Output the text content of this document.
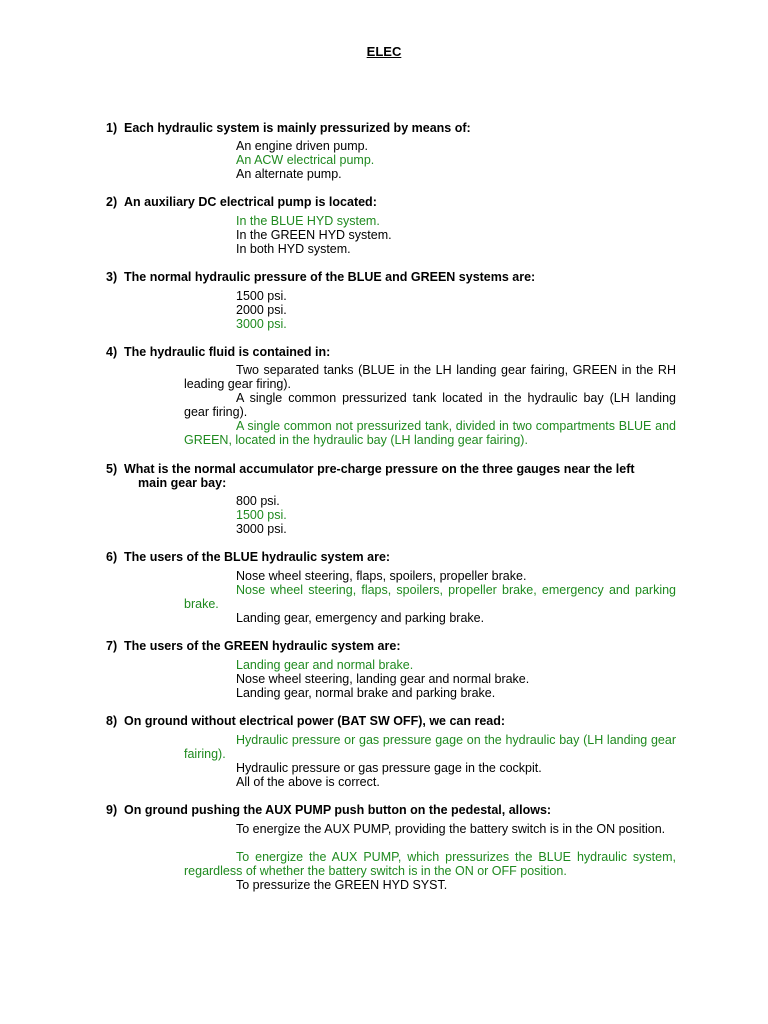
ELEC
1) Each hydraulic system is mainly pressurized by means of:
An engine driven pump.
An ACW electrical pump.
An alternate pump.
2) An auxiliary DC electrical pump is located:
In the BLUE HYD system.
In the GREEN HYD system.
In both HYD system.
3) The normal hydraulic pressure of the BLUE and GREEN systems are:
1500 psi.
2000 psi.
3000 psi.
4) The hydraulic fluid is contained in:
Two separated tanks (BLUE in the LH landing gear fairing, GREEN in the RH leading gear firing).
A single common pressurized tank located in the hydraulic bay (LH landing gear firing).
A single common not pressurized tank, divided in two compartments BLUE and GREEN, located in the hydraulic bay (LH landing gear fairing).
5) What is the normal accumulator pre-charge pressure on the three gauges near the left
main gear bay:
800 psi.
1500 psi.
3000 psi.
6) The users of the BLUE hydraulic system are:
Nose wheel steering, flaps, spoilers, propeller brake.
Nose wheel steering, flaps, spoilers, propeller brake, emergency and parking brake.
Landing gear, emergency and parking brake.
7) The users of the GREEN hydraulic system are:
Landing gear and normal brake.
Nose wheel steering, landing gear and normal brake.
Landing gear, normal brake and parking brake.
8) On ground without electrical power (BAT SW OFF), we can read:
Hydraulic pressure or gas pressure gage on the hydraulic bay (LH landing gear fairing).
Hydraulic pressure or gas pressure gage in the cockpit.
All of the above is correct.
9) On ground pushing the AUX PUMP push button on the pedestal, allows:
To energize the AUX PUMP, providing the battery switch is in the ON position.
To energize the AUX PUMP, which pressurizes the BLUE hydraulic system, regardless of whether the battery switch is in the ON or OFF position.
To pressurize the GREEN HYD SYST.
